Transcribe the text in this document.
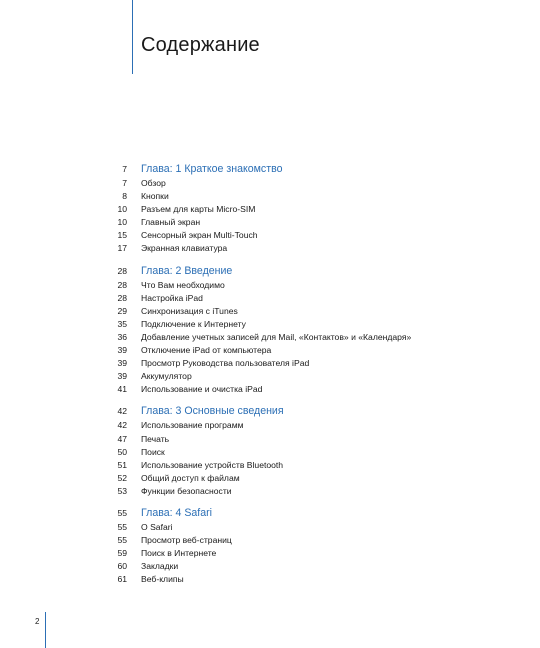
Содержание
7 Глава: 1 Краткое знакомство
7 Обзор
8 Кнопки
10 Разъем для карты Micro-SIM
10 Главный экран
15 Сенсорный экран Multi-Touch
17 Экранная клавиатура
28 Глава: 2 Введение
28 Что Вам необходимо
28 Настройка iPad
29 Синхронизация с iTunes
35 Подключение к Интернету
36 Добавление учетных записей для Mail, «Контактов» и «Календаря»
39 Отключение iPad от компьютера
39 Просмотр Руководства пользователя iPad
39 Аккумулятор
41 Использование и очистка iPad
42 Глава: 3 Основные сведения
42 Использование программ
47 Печать
50 Поиск
51 Использование устройств Bluetooth
52 Общий доступ к файлам
53 Функции безопасности
55 Глава: 4 Safari
55 О Safari
55 Просмотр веб-страниц
59 Поиск в Интернете
60 Закладки
61 Веб-клипы
2
